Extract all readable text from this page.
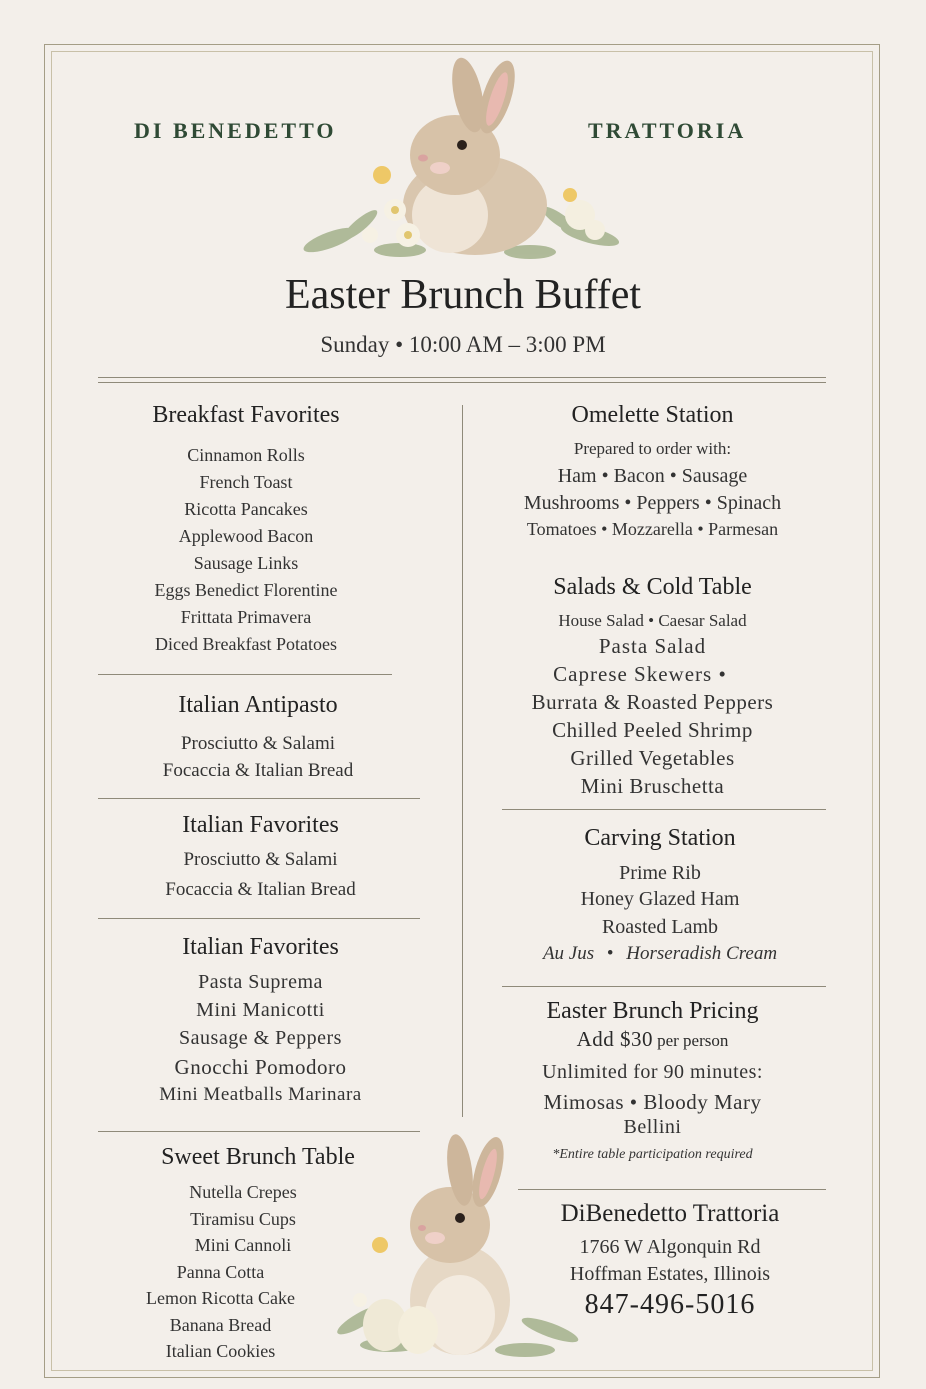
DI BENEDETTO	TRATTORIA
Easter Brunch Buffet
Sunday • 10:00 AM – 3:00 PM
Breakfast Favorites
Cinnamon Rolls
French Toast
Ricotta Pancakes
Applewood Bacon
Sausage Links
Eggs Benedict Florentine
Frittata Primavera
Diced Breakfast Potatoes
Italian Antipasto
Prosciutto & Salami
Focaccia & Italian Bread
Italian Favorites
Prosciutto & Salami
Focaccia & Italian Bread
Italian Favorites
Pasta Suprema
Mini Manicotti
Sausage & Peppers
Gnocchi Pomodoro
Mini Meatballs Marinara
Sweet Brunch Table
Nutella Crepes
Tiramisu Cups
Mini Cannoli
Panna Cotta
Lemon Ricotta Cake
Banana Bread
Italian Cookies
Omelette Station
Prepared to order with:
Ham • Bacon • Sausage
Mushrooms • Peppers • Spinach
Tomatoes • Mozzarella • Parmesan
Salads & Cold Table
House Salad • Caesar Salad
Pasta Salad
Caprese Skewers •
Burrata & Roasted Peppers
Chilled Peeled Shrimp
Grilled Vegetables
Mini Bruschetta
Carving Station
Prime Rib
Honey Glazed Ham
Roasted Lamb
Au Jus • Horseradish Cream
Easter Brunch Pricing
Add $30 per person
Unlimited for 90 minutes:
Mimosas • Bloody Mary
Bellini
*Entire table participation required
DiBenedetto Trattoria
1766 W Algonquin Rd
Hoffman Estates, Illinois
847-496-5016
